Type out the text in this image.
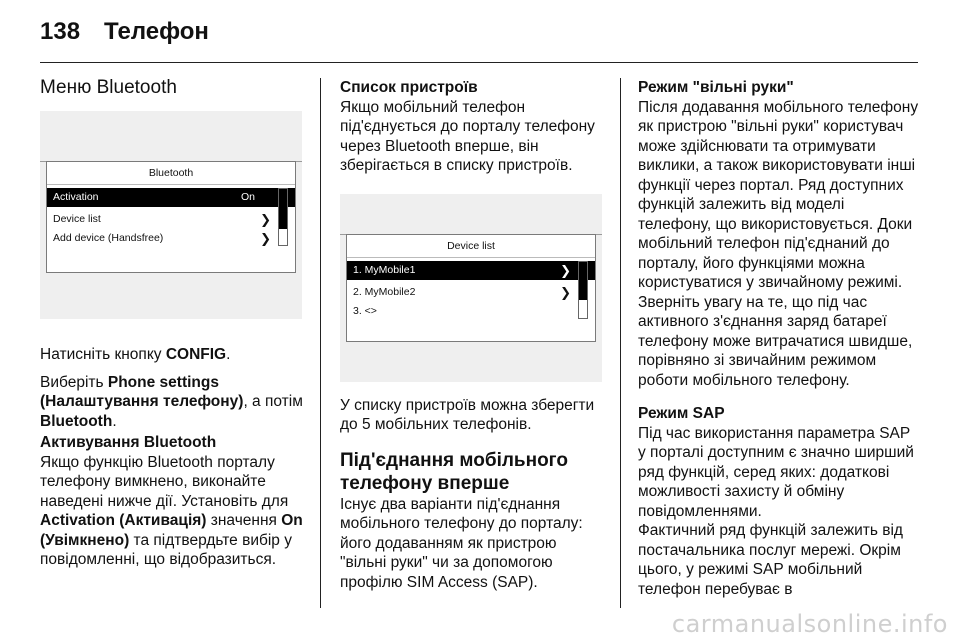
138 Телефон
Меню Bluetooth
Bluetooth
Activation	On
Device list	❯
Add device (Handsfree)	❯

Натисніть кнопку CONFIG.

Виберіть Phone settings (Налаштування телефону), а потім Bluetooth.

Активування Bluetooth

Якщо функцію Bluetooth порталу телефону вимкнено, виконайте наведені нижче дії. Установіть для Activation (Активація) значення On (Увімкнено) та підтвердьте вибір у повідомленні, що відобразиться.

Список пристроїв

Якщо мобільний телефон під'єднується до порталу телефону через Bluetooth вперше, він зберігається в списку пристроїв.

Device list
1. MyMobile1	❯
2. MyMobile2	❯
3. <>

У списку пристроїв можна зберегти до 5 мобільних телефонів.

Під'єднання мобільного телефону вперше

Існує два варіанти під'єднання мобільного телефону до порталу: його додаванням як пристрою "вільні руки" чи за допомогою профілю SIM Access (SAP).

Режим "вільні руки"

Після додавання мобільного телефону як пристрою "вільні руки" користувач може здійснювати та отримувати виклики, а також використовувати інші функції через портал. Ряд доступних функцій залежить від моделі телефону, що використовується. Доки мобільний телефон під'єднаний до порталу, його функціями можна користуватися у звичайному режимі. Зверніть увагу на те, що під час активного з'єднання заряд батареї телефону може витрачатися швидше, порівняно зі звичайним режимом роботи мобільного телефону.

Режим SAP

Під час використання параметра SAP у порталі доступним є значно ширший ряд функцій, серед яких: додаткові можливості захисту й обміну повідомленнями.

Фактичний ряд функцій залежить від постачальника послуг мережі. Окрім цього, у режимі SAP мобільний телефон перебуває в

carmanualsonline.info
